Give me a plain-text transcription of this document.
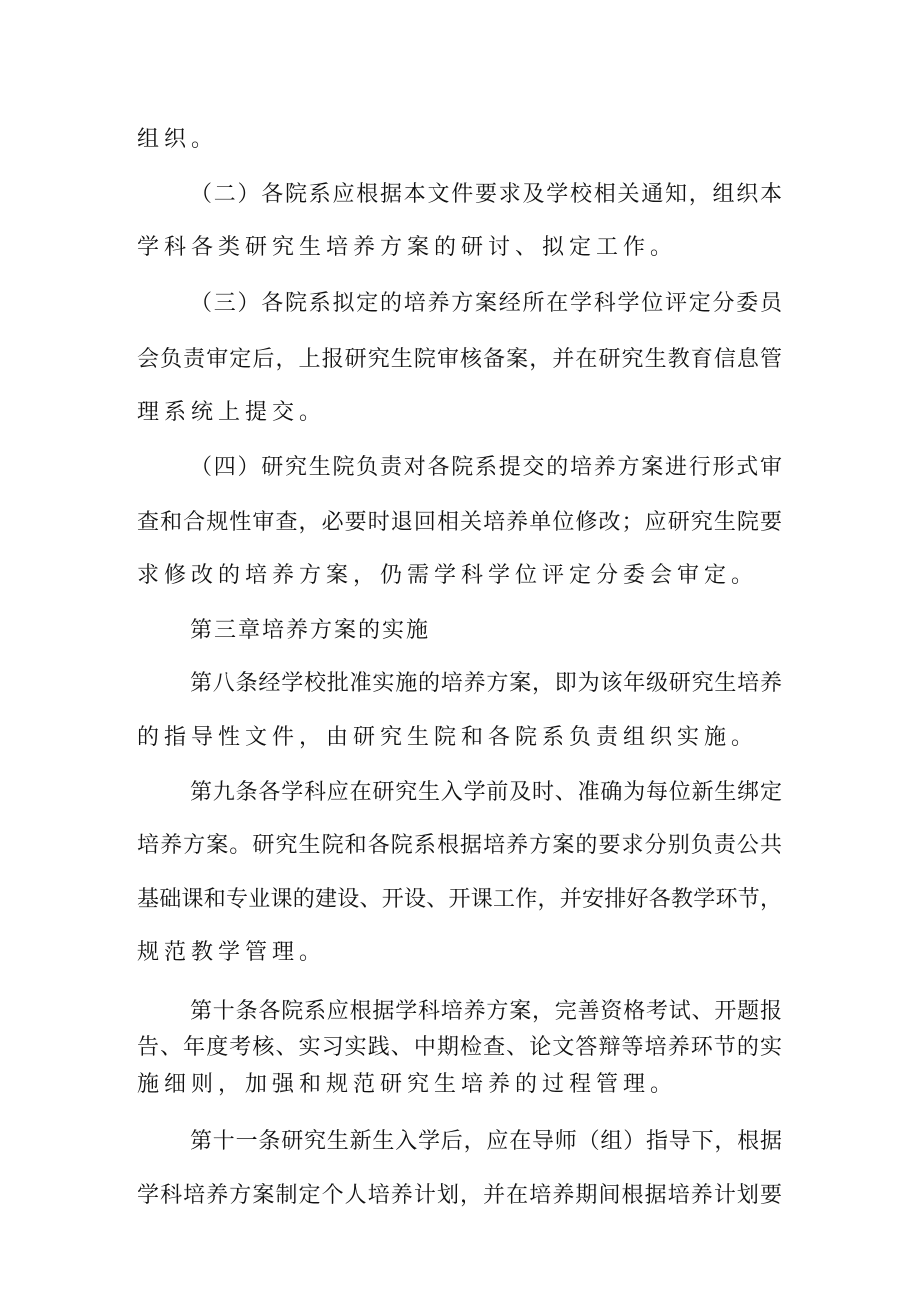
组织。
（二）各院系应根据本文件要求及学校相关通知，组织本
学科各类研究生培养方案的研讨、拟定工作。
（三）各院系拟定的培养方案经所在学科学位评定分委员
会负责审定后，上报研究生院审核备案，并在研究生教育信息管
理系统上提交。
（四）研究生院负责对各院系提交的培养方案进行形式审
查和合规性审查，必要时退回相关培养单位修改；应研究生院要
求修改的培养方案，仍需学科学位评定分委会审定。
第三章培养方案的实施
第八条经学校批准实施的培养方案，即为该年级研究生培养
的指导性文件，由研究生院和各院系负责组织实施。
第九条各学科应在研究生入学前及时、准确为每位新生绑定
培养方案。研究生院和各院系根据培养方案的要求分别负责公共
基础课和专业课的建设、开设、开课工作，并安排好各教学环节，
规范教学管理。
第十条各院系应根据学科培养方案，完善资格考试、开题报
告、年度考核、实习实践、中期检查、论文答辩等培养环节的实
施细则，加强和规范研究生培养的过程管理。
第十一条研究生新生入学后，应在导师（组）指导下，根据
学科培养方案制定个人培养计划，并在培养期间根据培养计划要
